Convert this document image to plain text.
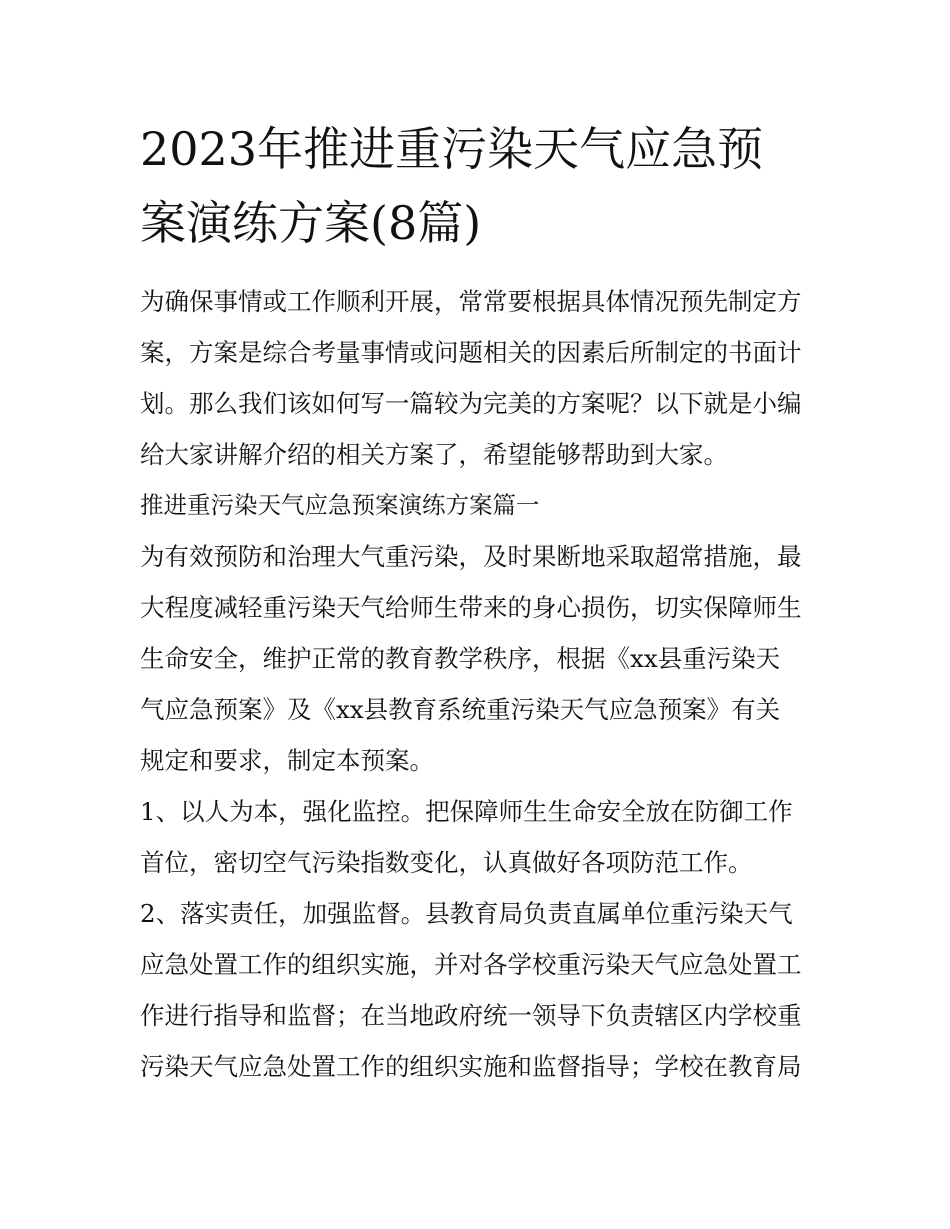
2023年推进重污染天气应急预
案演练方案(8篇)
为确保事情或工作顺利开展，常常要根据具体情况预先制定方
案，方案是综合考量事情或问题相关的因素后所制定的书面计
划。那么我们该如何写一篇较为完美的方案呢？以下就是小编
给大家讲解介绍的相关方案了，希望能够帮助到大家。
推进重污染天气应急预案演练方案篇一
为有效预防和治理大气重污染，及时果断地采取超常措施，最
大程度减轻重污染天气给师生带来的身心损伤，切实保障师生
生命安全，维护正常的教育教学秩序，根据《xx县重污染天
气应急预案》及《xx县教育系统重污染天气应急预案》有关
规定和要求，制定本预案。
1、以人为本，强化监控。把保障师生生命安全放在防御工作
首位，密切空气污染指数变化，认真做好各项防范工作。
2、落实责任，加强监督。县教育局负责直属单位重污染天气
应急处置工作的组织实施，并对各学校重污染天气应急处置工
作进行指导和监督；在当地政府统一领导下负责辖区内学校重
污染天气应急处置工作的组织实施和监督指导；学校在教育局
